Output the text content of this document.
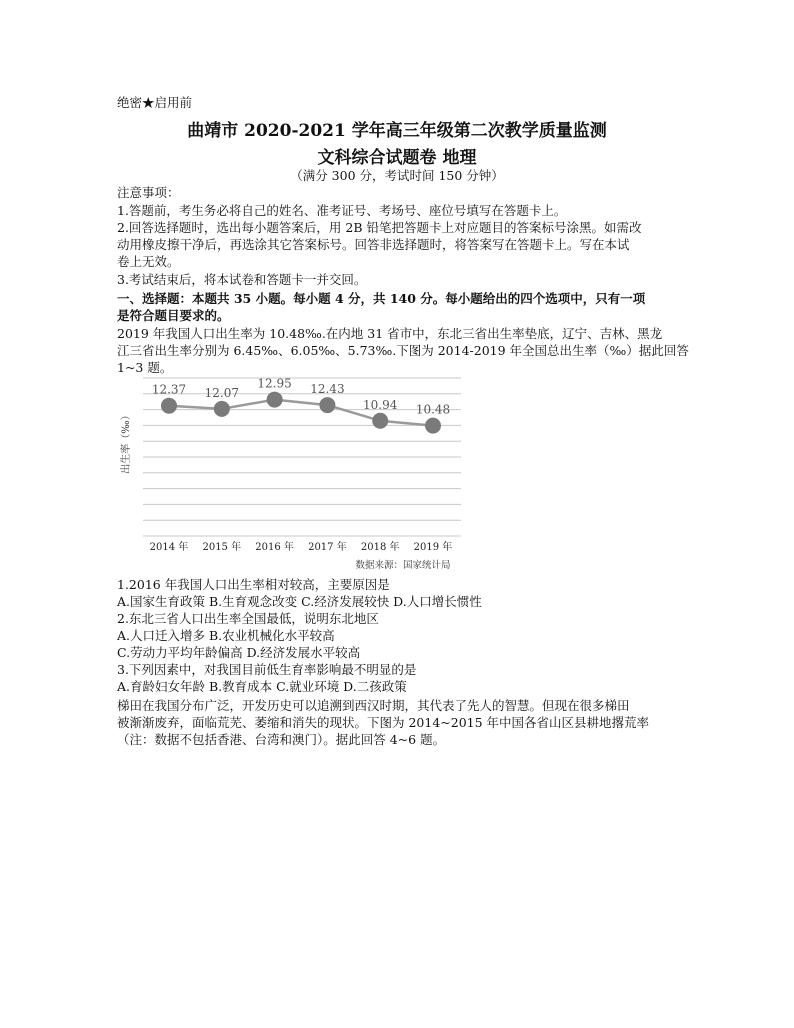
绝密★启用前
曲靖市 2020-2021 学年高三年级第二次教学质量监测
文科综合试题卷 地理
（满分 300 分，考试时间 150 分钟）
注意事项：
1.答题前，考生务必将自己的姓名、准考证号、考场号、座位号填写在答题卡上。
2.回答选择题时，选出每小题答案后，用 2B 铅笔把答题卡上对应题目的答案标号涂黑。如需改
动用橡皮擦干净后，再选涂其它答案标号。回答非选择题时，将答案写在答题卡上。写在本试
卷上无效。
3.考试结束后，将本试卷和答题卡一并交回。
一、选择题：本题共 35 小题。每小题 4 分，共 140 分。每小题给出的四个选项中，只有一项
是符合题目要求的。
2019 年我国人口出生率为 10.48‰.在内地 31 省市中，东北三省出生率垫底，辽宁、吉林、黑龙
江三省出生率分别为 6.45‰、6.05‰、5.73‰.下图为 2014-2019 年全国总出生率（‰）据此回答
1~3 题。
出生率（‰）
12.37 12.07
12.95 12.43
10.94 10.48
2014 年 2015 年 2016 年 2017 年 2018 年 2019 年
数据来源：国家统计局
1.2016 年我国人口出生率相对较高，主要原因是
A.国家生育政策 B.生育观念改变 C.经济发展较快 D.人口增长惯性
2.东北三省人口出生率全国最低，说明东北地区
A.人口迁入增多 B.农业机械化水平较高
C.劳动力平均年龄偏高 D.经济发展水平较高
3.下列因素中，对我国目前低生育率影响最不明显的是
A.育龄妇女年龄 B.教育成本 C.就业环境 D.二孩政策
梯田在我国分布广泛，开发历史可以追溯到西汉时期，其代表了先人的智慧。但现在很多梯田
被渐渐废弃，面临荒芜、萎缩和消失的现状。下图为 2014~2015 年中国各省山区县耕地撂荒率
（注：数据不包括香港、台湾和澳门）。据此回答 4~6 题。
